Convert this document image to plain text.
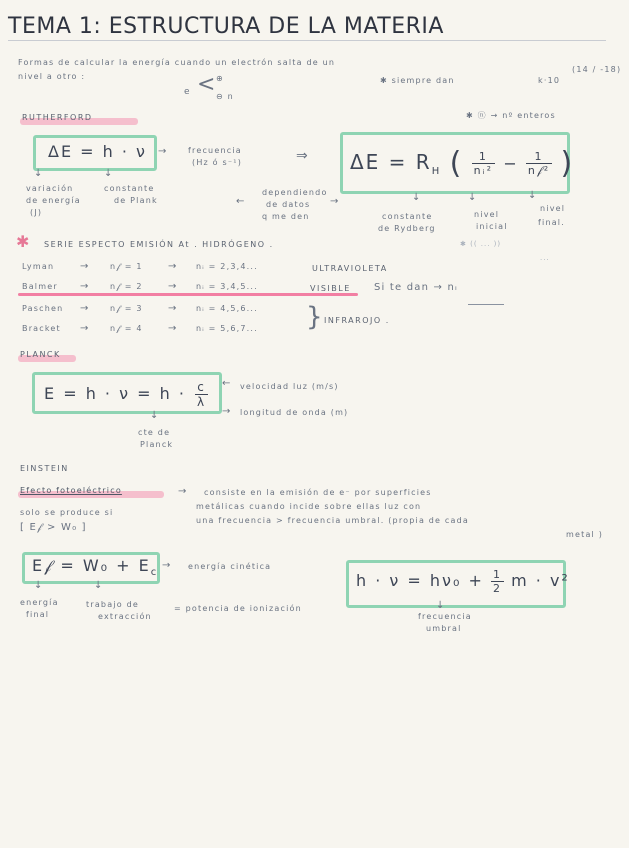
TEMA 1: ESTRUCTURA DE LA MATERIA
Formas de calcular la energía cuando un electrón salta de un
nivel a otro :
e < ⊕
⊖ n
✱ siempre dan	k·10
(14 / -18)
RUTHERFORD	✱ ⓝ → nº enteros
ΔE = h · ν →	frecuencia
(Hz ó s⁻¹)	⇒ $\Delta E = R_H$ ( $\frac{1}{\text{nᵢ²}} - \frac{1}{\text{n𝒻²}}$ )
↓
variación
de energía
(J)
↓
constante
de Plank	←
dependiendo
de datos
q me den
→	↓
constante
de Rydberg
↓
nivel
inicial
↓
nivel
final.
✱ SERIE ESPECTO EMISIÓN At . HIDRÓGENO .	✱ (( ... ))
...
Lyman	→	n𝒻 = 1	→ nᵢ = 2,3,4...	ULTRAVIOLETA
Balmer →	n𝒻 = 2	→ nᵢ = 3,4,5...	VISIBLE Si te dan → nᵢ
Paschen →	n𝒻 = 3	→ nᵢ = 4,5,6...
Bracket →	n𝒻 = 4	→ nᵢ = 5,6,7... } INFRAROJO .
PLANCK
$E = h \cdot \nu = h \cdot \frac{c}{\lambda}$ ← velocidad luz (m/s)
→ longitud de onda (m)
↓
cte de
Planck
EINSTEIN
Efecto fotoeléctrico	→ consiste en la emisión de e⁻ por superficies
metálicas cuando incide sobre ellas luz con
una frecuencia > frecuencia umbral. (propia de cada
metal )
solo se produce si
[ E𝒻 > W₀ ]
E𝒻 = $W_0 + E_c$
→ energía cinética
$h \cdot \nu = h\nu_0 + \frac{1}{2}$ m · v²
↓
energía
final
↓
trabajo de
extracción
= potencia de ionización	↓
frecuencia
umbral
